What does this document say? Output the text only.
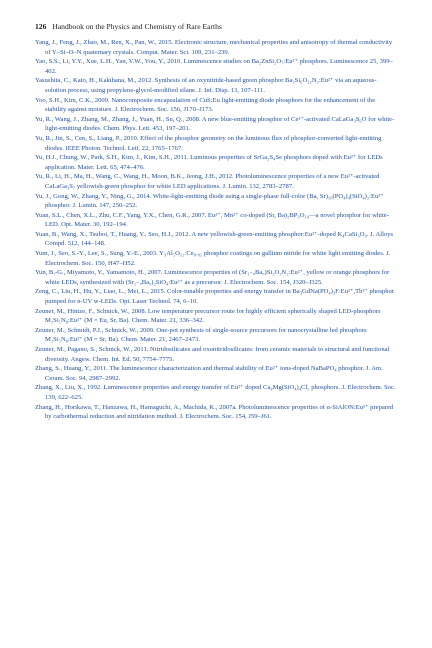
126 Handbook on the Physics and Chemistry of Rare Earths

Yang, J., Feng, J., Zhao, M., Ren, X., Pan, W., 2015. Electronic structure, mechanical properties and anisotropy of thermal conductivity of Y–Si–O–N quaternary crystals. Comput. Mater. Sci. 109, 231–239.

Yao, S.S., Li, Y.Y., Xue, L.H., Yan, Y.W., You, Y., 2010. Luminescence studies on Ba₂ZnSi₂O₇:Eu²⁺ phosphors. Luminescence 25, 399–402.

Yasushita, C., Kato, H., Kakihana, M., 2012. Synthesis of an oxynitride-based green phosphor Ba₃Si₆O₁₂N₂:Eu²⁺ via an aqueous-solution process, using propylene-glycol-modified silane. J. Inf. Disp. 13, 107–111.

Yoo, S.H., Kim, C.K., 2009. Nanocomposite encapsulation of CuS:Eu light-emitting diode phosphors for the enhancement of the stability against moisture. J. Electrochem. Soc. 156, J170–J173.

Yu, R., Wang, J., Zhang, M., Zhang, J., Yuan, H., Su, Q., 2008. A new blue-emitting phosphor of Ce³⁺-activated CaLaGa₃S₆O for white-light-emitting diodes. Chem. Phys. Lett. 453, 197–201.

Yu, R., Jin, S., Cen, S., Liang, P., 2010. Effect of the phosphor geometry on the luminous flux of phosphor-converted light-emitting diodes. IEEE Photon. Technol. Lett. 22, 1765–1767.

Yu, H.J., Chung, W., Park, S.H., Kim, J., Kim, S.H., 2011. Luminous properties of SrGa₂S₄Se phosphors doped with Eu²⁺ for LEDs application. Mater. Lett. 65, 474–476.

Yu, R., Li, H., Ma, H., Wang, C., Wang, H., Moon, B.K., Jeong, J.H., 2012. Photoluminescence properties of a new Eu²⁺-activated CaLaGa₃S₇ yellowish-green phosphor for white LED applications. J. Lumin. 132, 2783–2787.

Yu, J., Gong, W., Zhang, Y., Ning, G., 2014. White-light-emitting diode using a single-phase full-color (Ba, Sr)₁₀(PO₄)₄(SiO₄)₂:Eu²⁺ phosphor. J. Lumin. 147, 250–252.

Yuan, S.L., Chen, X.L., Zhu, C.F., Yang, Y.X., Chen, G.R., 2007. Eu²⁺, Mn²⁺ co-doped (Sr, Ba)₂BP₃O₁₀—a novel phosphor for white-LED. Opt. Mater. 30, 192–194.

Yuan, B., Wang, X., Tsuboi, T., Huang, Y., Seo, H.J., 2012. A new yellowish-green-emitting phosphor:Eu²⁺-doped K₄CaSi₃O₉. J. Alloys Compd. 512, 144–148.

Yum, J., Seo, S.-Y., Lee, S., Sung, Y.-E., 2003. Y₃Al₅O₁₂:Ce₀.₀₅ phosphor coatings on gallium nitride for white light emitting diodes. J. Electrochem. Soc. 150, H47–H52.

Yun, B.-G., Miyamoto, Y., Yamamoto, H., 2007. Luminescence properties of (Sr₁₋ᵤBaᵤ)Si₂O₂N₂:Eu²⁺, yellow or orange phosphors for white LEDs, synthesized with (Sr₁₋ᵤBaᵤ)₂SiO₄:Eu²⁺ as a precursor. J. Electrochem. Soc. 154, J320–J325.

Zeng, C., Liu, H., Hu, Y., Liao, L., Mei, L., 2015. Color-tunable properties and energy transfer in Ba₃GdNa(PO₄)₃F:Eu²⁺,Tb³⁺ phosphor pumped for n-UV w-LEDs. Opt. Laser Technol. 74, 6–10.

Zeuner, M., Hintze, F., Schnick, W., 2008. Low temperature precursor route for highly efficient spherically shaped LED-phosphors M₂Si₅N₈:Eu²⁺ (M = Eu, Sr, Ba). Chem. Mater. 21, 336–342.

Zeuner, M., Schmidt, P.J., Schnick, W., 2009. One-pot synthesis of single-source precursors for nanocrystalline led phosphors M₂Si₅N₈:Eu²⁺ (M = Sr, Ba). Chem. Mater. 21, 2467–2473.

Zeuner, M., Pagano, S., Schnick, W., 2011. Nitridosilicates and oxonitridosilicates: from ceramic materials to structural and functional diversity. Angew. Chem. Int. Ed. 50, 7754–7775.

Zhang, S., Huang, Y., 2011. The luminescence characterization and thermal stability of Eu²⁺ ions-doped NaBaPO₄ phosphor. J. Am. Ceram. Soc. 94, 2987–2992.

Zhang, X., Liu, X., 1992. Luminescence properties and energy transfer of Eu²⁺ doped Ca₈Mg(SiO₄)₄Cl₂ phosphors. J. Electrochem. Soc. 139, 622–625.

Zhang, H., Horikawa, T., Hanzawa, H., Hamaguchi, A., Machida, K., 2007a. Photoluminescence properties of α-SiAlON:Eu²⁺ prepared by carbothermal reduction and nitridation method. J. Electrochem. Soc. 154, J59–J61.
